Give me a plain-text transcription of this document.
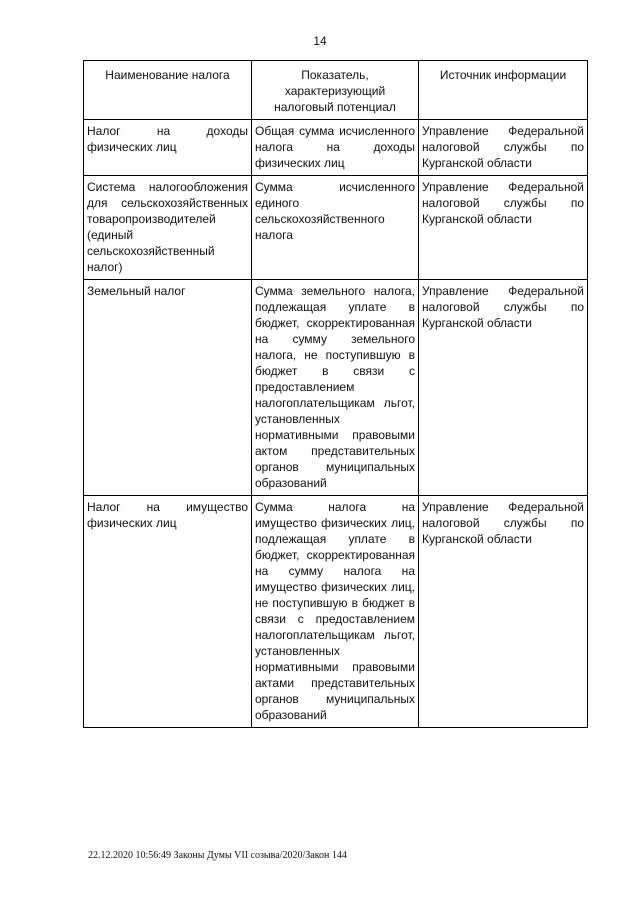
14
Наименование налога	Показатель, характеризующий налоговый потенциал	Источник информации
Налог на доходы физических лиц	Общая сумма исчисленного налога на доходы физических лиц	Управление Федеральной налоговой службы по Курганской области
Система налогообложения для сельскохозяйственных товаропроизводителей (единый сельскохозяйственный налог)	Сумма исчисленного единого сельскохозяйственного налога	Управление Федеральной налоговой службы по Курганской области
Земельный налог	Сумма земельного налога, подлежащая уплате в бюджет, скорректированная на сумму земельного налога, не поступившую в бюджет в связи с предоставлением налогоплательщикам льгот, установленных нормативными правовыми актом представительных органов муниципальных образований	Управление Федеральной налоговой службы по Курганской области
Налог на имущество физических лиц	Сумма налога на имущество физических лиц, подлежащая уплате в бюджет, скорректированная на сумму налога на имущество физических лиц, не поступившую в бюджет в связи с предоставлением налогоплательщикам льгот, установленных нормативными правовыми актами представительных органов муниципальных образований	Управление Федеральной налоговой службы по Курганской области
22.12.2020 10:56:49 Законы Думы VII созыва/2020/Закон 144
